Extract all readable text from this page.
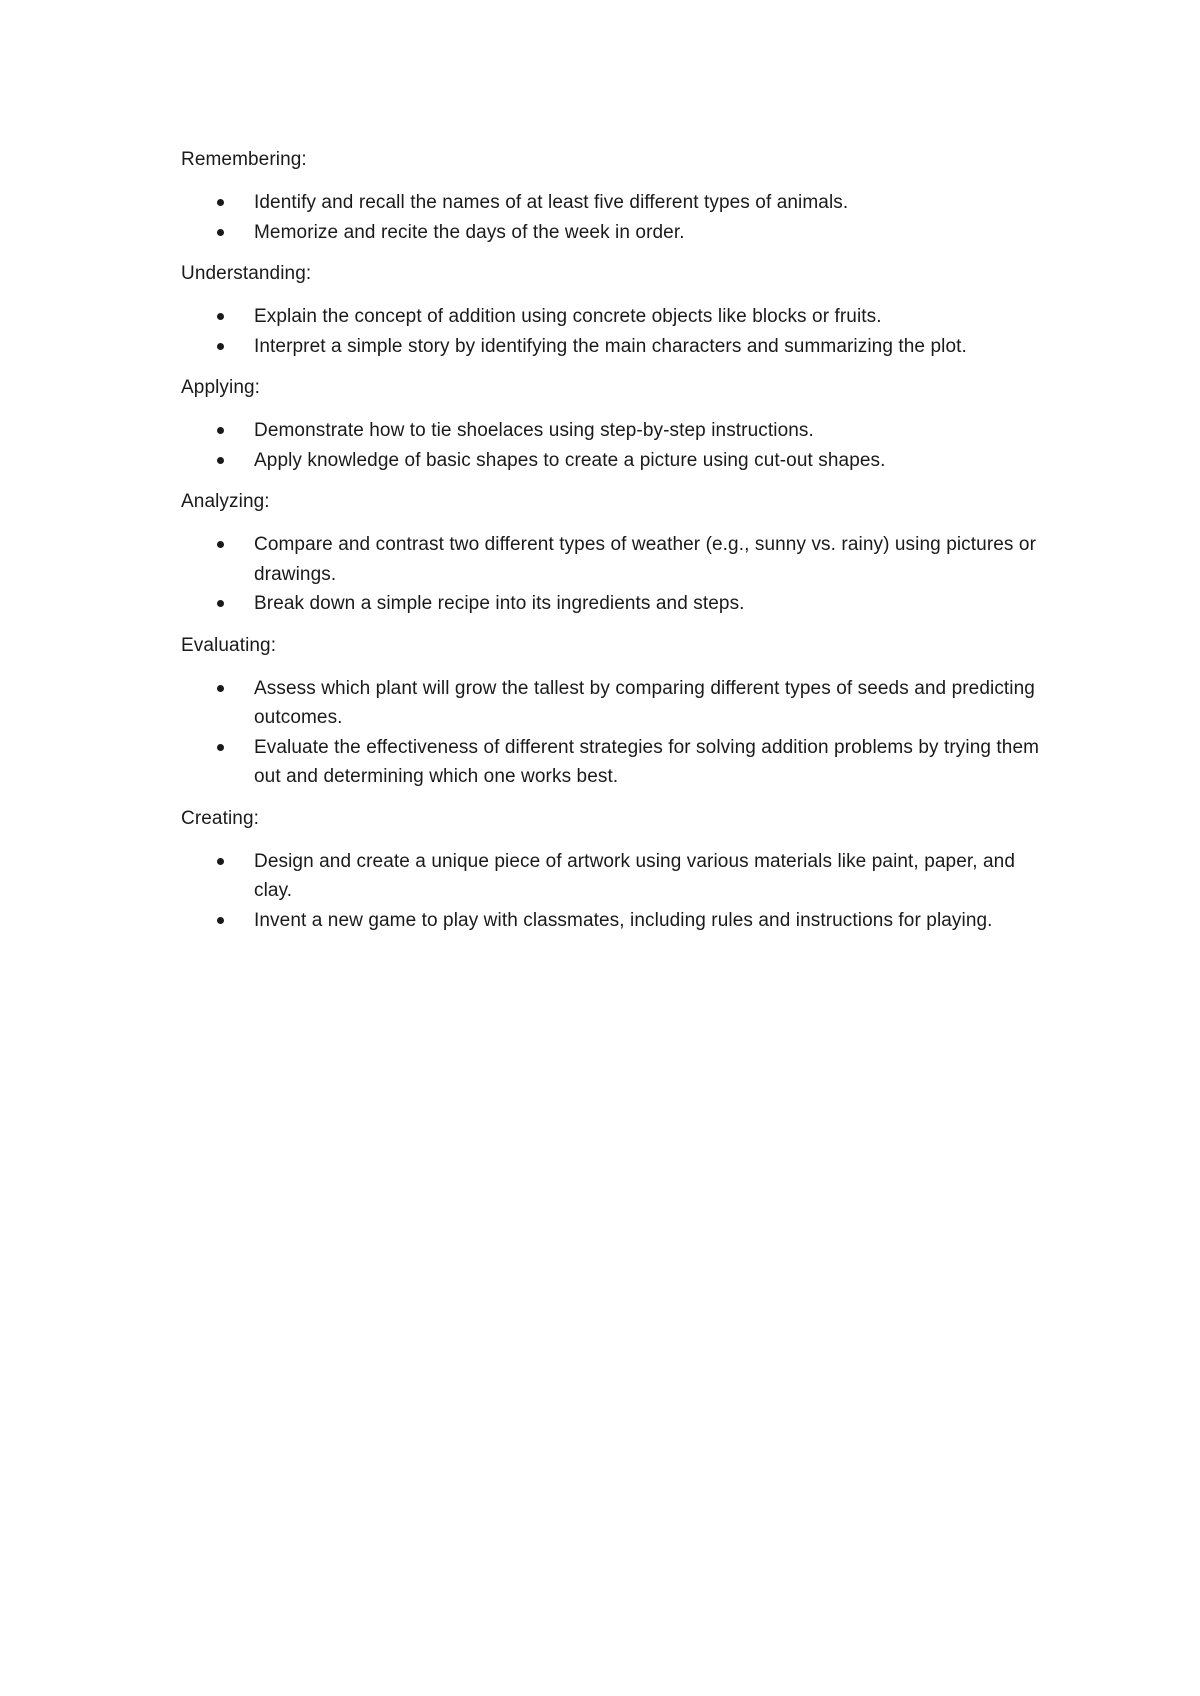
Remembering:
Identify and recall the names of at least five different types of animals.
Memorize and recite the days of the week in order.
Understanding:
Explain the concept of addition using concrete objects like blocks or fruits.
Interpret a simple story by identifying the main characters and summarizing the plot.
Applying:
Demonstrate how to tie shoelaces using step-by-step instructions.
Apply knowledge of basic shapes to create a picture using cut-out shapes.
Analyzing:
Compare and contrast two different types of weather (e.g., sunny vs. rainy) using pictures or drawings.
Break down a simple recipe into its ingredients and steps.
Evaluating:
Assess which plant will grow the tallest by comparing different types of seeds and predicting outcomes.
Evaluate the effectiveness of different strategies for solving addition problems by trying them out and determining which one works best.
Creating:
Design and create a unique piece of artwork using various materials like paint, paper, and clay.
Invent a new game to play with classmates, including rules and instructions for playing.
